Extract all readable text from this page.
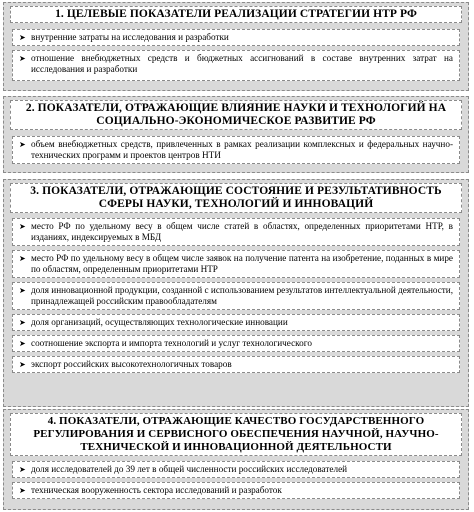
1. ЦЕЛЕВЫЕ ПОКАЗАТЕЛИ РЕАЛИЗАЦИИ СТРАТЕГИИ НТР РФ
➤ внутренние затраты на исследования и разработки
➤ отношение внебюджетных средств и бюджетных ассигнований в составе внутренних затрат на исследования и разработки
2. ПОКАЗАТЕЛИ, ОТРАЖАЮЩИЕ ВЛИЯНИЕ НАУКИ И ТЕХНОЛОГИЙ НА СОЦИАЛЬНО-ЭКОНОМИЧЕСКОЕ РАЗВИТИЕ РФ
➤ объем внебюджетных средств, привлеченных в рамках реализации комплексных и федеральных научно-технических программ и проектов центров НТИ
3. ПОКАЗАТЕЛИ, ОТРАЖАЮЩИЕ СОСТОЯНИЕ И РЕЗУЛЬТАТИВНОСТЬ СФЕРЫ НАУКИ, ТЕХНОЛОГИЙ И ИННОВАЦИЙ
➤ место РФ по удельному весу в общем числе статей в областях, определенных приоритетами НТР, в изданиях, индексируемых в МБД
➤ место РФ по удельному весу в общем числе заявок на получение патента на изобретение, поданных в мире по областям, определенным приоритетами НТР
➤ доля инновационной продукции, созданной с использованием результатов интеллектуальной деятельности, принадлежащей российским правообладателям
➤ доля организаций, осуществляющих технологические инновации
➤ соотношение экспорта и импорта технологий и услуг технологического
➤ экспорт российских высокотехнологичных товаров
4. ПОКАЗАТЕЛИ, ОТРАЖАЮЩИЕ КАЧЕСТВО ГОСУДАРСТВЕННОГО РЕГУЛИРОВАНИЯ И СЕРВИСНОГО ОБЕСПЕЧЕНИЯ НАУЧНОЙ, НАУЧНО-ТЕХНИЧЕСКОЙ И ИННОВАЦИОННОЙ ДЕЯТЕЛЬНОСТИ
➤ доля исследователей до 39 лет в общей численности российских исследователей
➤ техническая вооруженность сектора исследований и разработок
